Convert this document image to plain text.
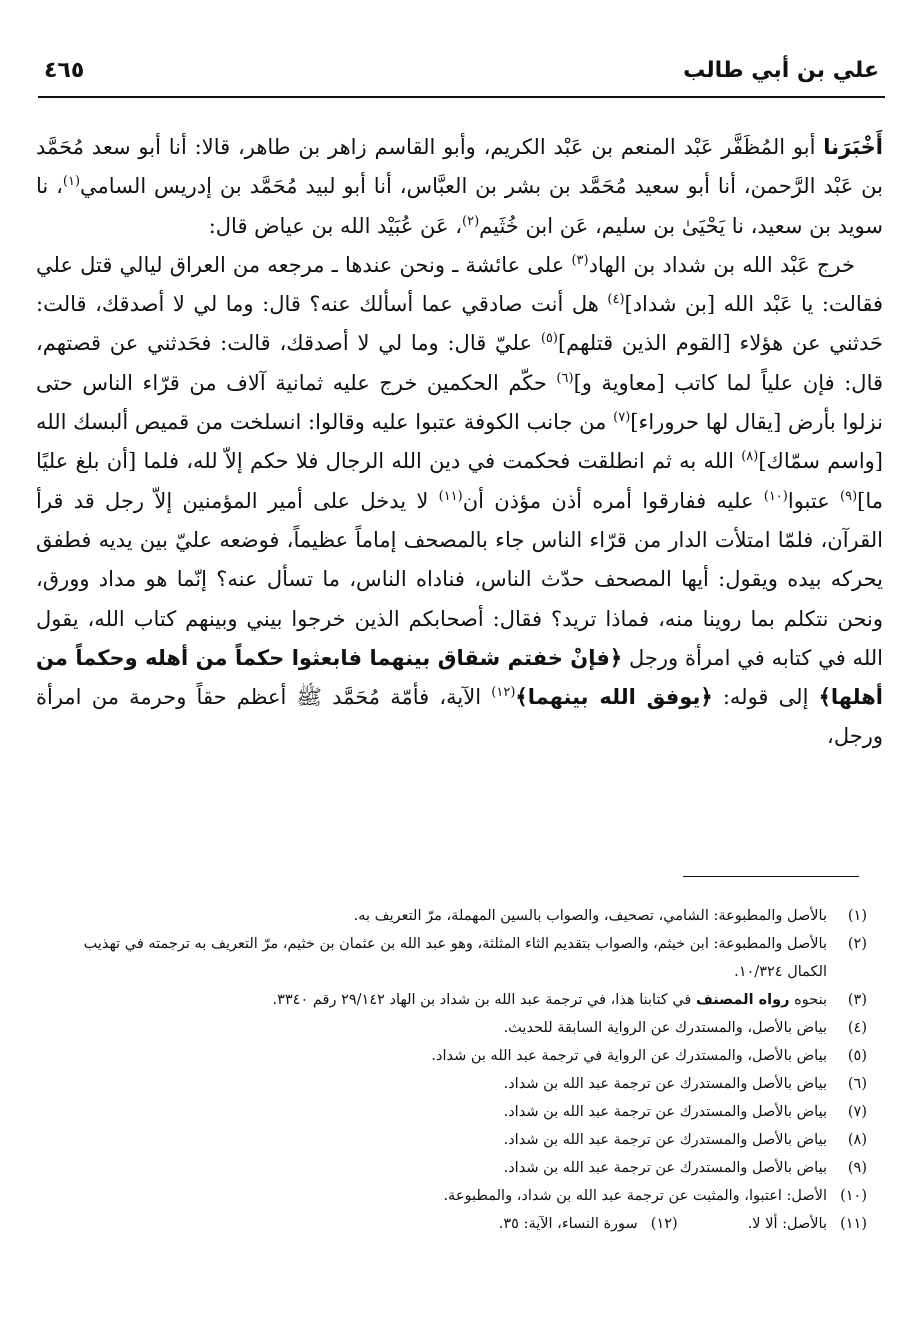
علي بن أبي طالب
٤٦٥

أَخْبَرَنا أبو المُظَفَّر عَبْد المنعم بن عَبْد الكريم، وأبو القاسم زاهر بن طاهر، قالا: أنا أبو سعد مُحَمَّد بن عَبْد الرَّحمن، أنا أبو سعيد مُحَمَّد بن بشر بن العبَّاس، أنا أبو لبيد مُحَمَّد بن إدريس السامي$^{(١)}$، نا سويد بن سعيد، نا يَحْيَىٰ بن سليم، عَن ابن خُثَيم$^{(٢)}$، عَن عُبَيْد الله بن عياض قال:

خرج عَبْد الله بن شداد بن الهاد$^{(٣)}$ على عائشة ـ ونحن عندها ـ مرجعه من العراق ليالي قتل علي فقالت: يا عَبْد الله [بن شداد]$^{(٤)}$ هل أنت صادقي عما أسألك عنه؟ قال: وما لي لا أصدقك، قالت: حَدثني عن هؤلاء [القوم الذين قتلهم]$^{(٥)}$ عليّ قال: وما لي لا أصدقك، قالت: فحَدثني عن قصتهم، قال: فإن علياً لما كاتب [معاوية و]$^{(٦)}$ حكّم الحكمين خرج عليه ثمانية آلاف من قرّاء الناس حتى نزلوا بأرض [يقال لها حروراء]$^{(٧)}$ من جانب الكوفة عتبوا عليه وقالوا: انسلخت من قميص ألبسك الله [واسم سمّاك]$^{(٨)}$ الله به ثم انطلقت فحكمت في دين الله الرجال فلا حكم إلاّ لله، فلما [أن بلغ عليًا ما]$^{(٩)}$ عتبوا$^{(١٠)}$ عليه ففارقوا أمره أذن مؤذن أن$^{(١١)}$ لا يدخل على أمير المؤمنين إلاّ رجل قد قرأ القرآن، فلمّا امتلأت الدار من قرّاء الناس جاء بالمصحف إماماً عظيماً، فوضعه عليّ بين يديه فطفق يحركه بيده ويقول: أيها المصحف حدّث الناس، فناداه الناس، ما تسأل عنه؟ إنّما هو مداد وورق، ونحن نتكلم بما روينا منه، فماذا تريد؟ فقال: أصحابكم الذين خرجوا بيني وبينهم كتاب الله، يقول الله في كتابه في امرأة ورجل ﴿فإنْ خفتم شقاق بينهما فابعثوا حكماً من أهله وحكماً من أهلها﴾ إلى قوله: ﴿يوفق الله بينهما﴾$^{(١٢)}$ الآية، فأمّة مُحَمَّد ﷺ أعظم حقاً وحرمة من امرأة ورجل،

(١)
بالأصل والمطبوعة: الشامي، تصحيف، والصواب بالسين المهملة، مرّ التعريف به.
(٢)
بالأصل والمطبوعة: ابن خيثم، والصواب بتقديم الثاء المثلثة، وهو عبد الله بن عثمان بن خثيم، مرّ التعريف به ترجمته في تهذيب الكمال ١٠/٣٢٤.
(٣)
بنحوه رواه المصنف في كتابنا هذا، في ترجمة عبد الله بن شداد بن الهاد ٢٩/١٤٢ رقم ٣٣٤٠.
(٤)
بياض بالأصل، والمستدرك عن الرواية السابقة للحديث.
(٥)
بياض بالأصل، والمستدرك عن الرواية في ترجمة عبد الله بن شداد.
(٦)
بياض بالأصل والمستدرك عن ترجمة عبد الله بن شداد.
(٧)
بياض بالأصل والمستدرك عن ترجمة عبد الله بن شداد.
(٨)
بياض بالأصل والمستدرك عن ترجمة عبد الله بن شداد.
(٩)
بياض بالأصل والمستدرك عن ترجمة عبد الله بن شداد.
(١٠)
الأصل: اعتبوا، والمثبت عن ترجمة عبد الله بن شداد، والمطبوعة.
(١١)
بالأصل: ألا لا.
(١٢)
سورة النساء، الآية: ٣٥.
